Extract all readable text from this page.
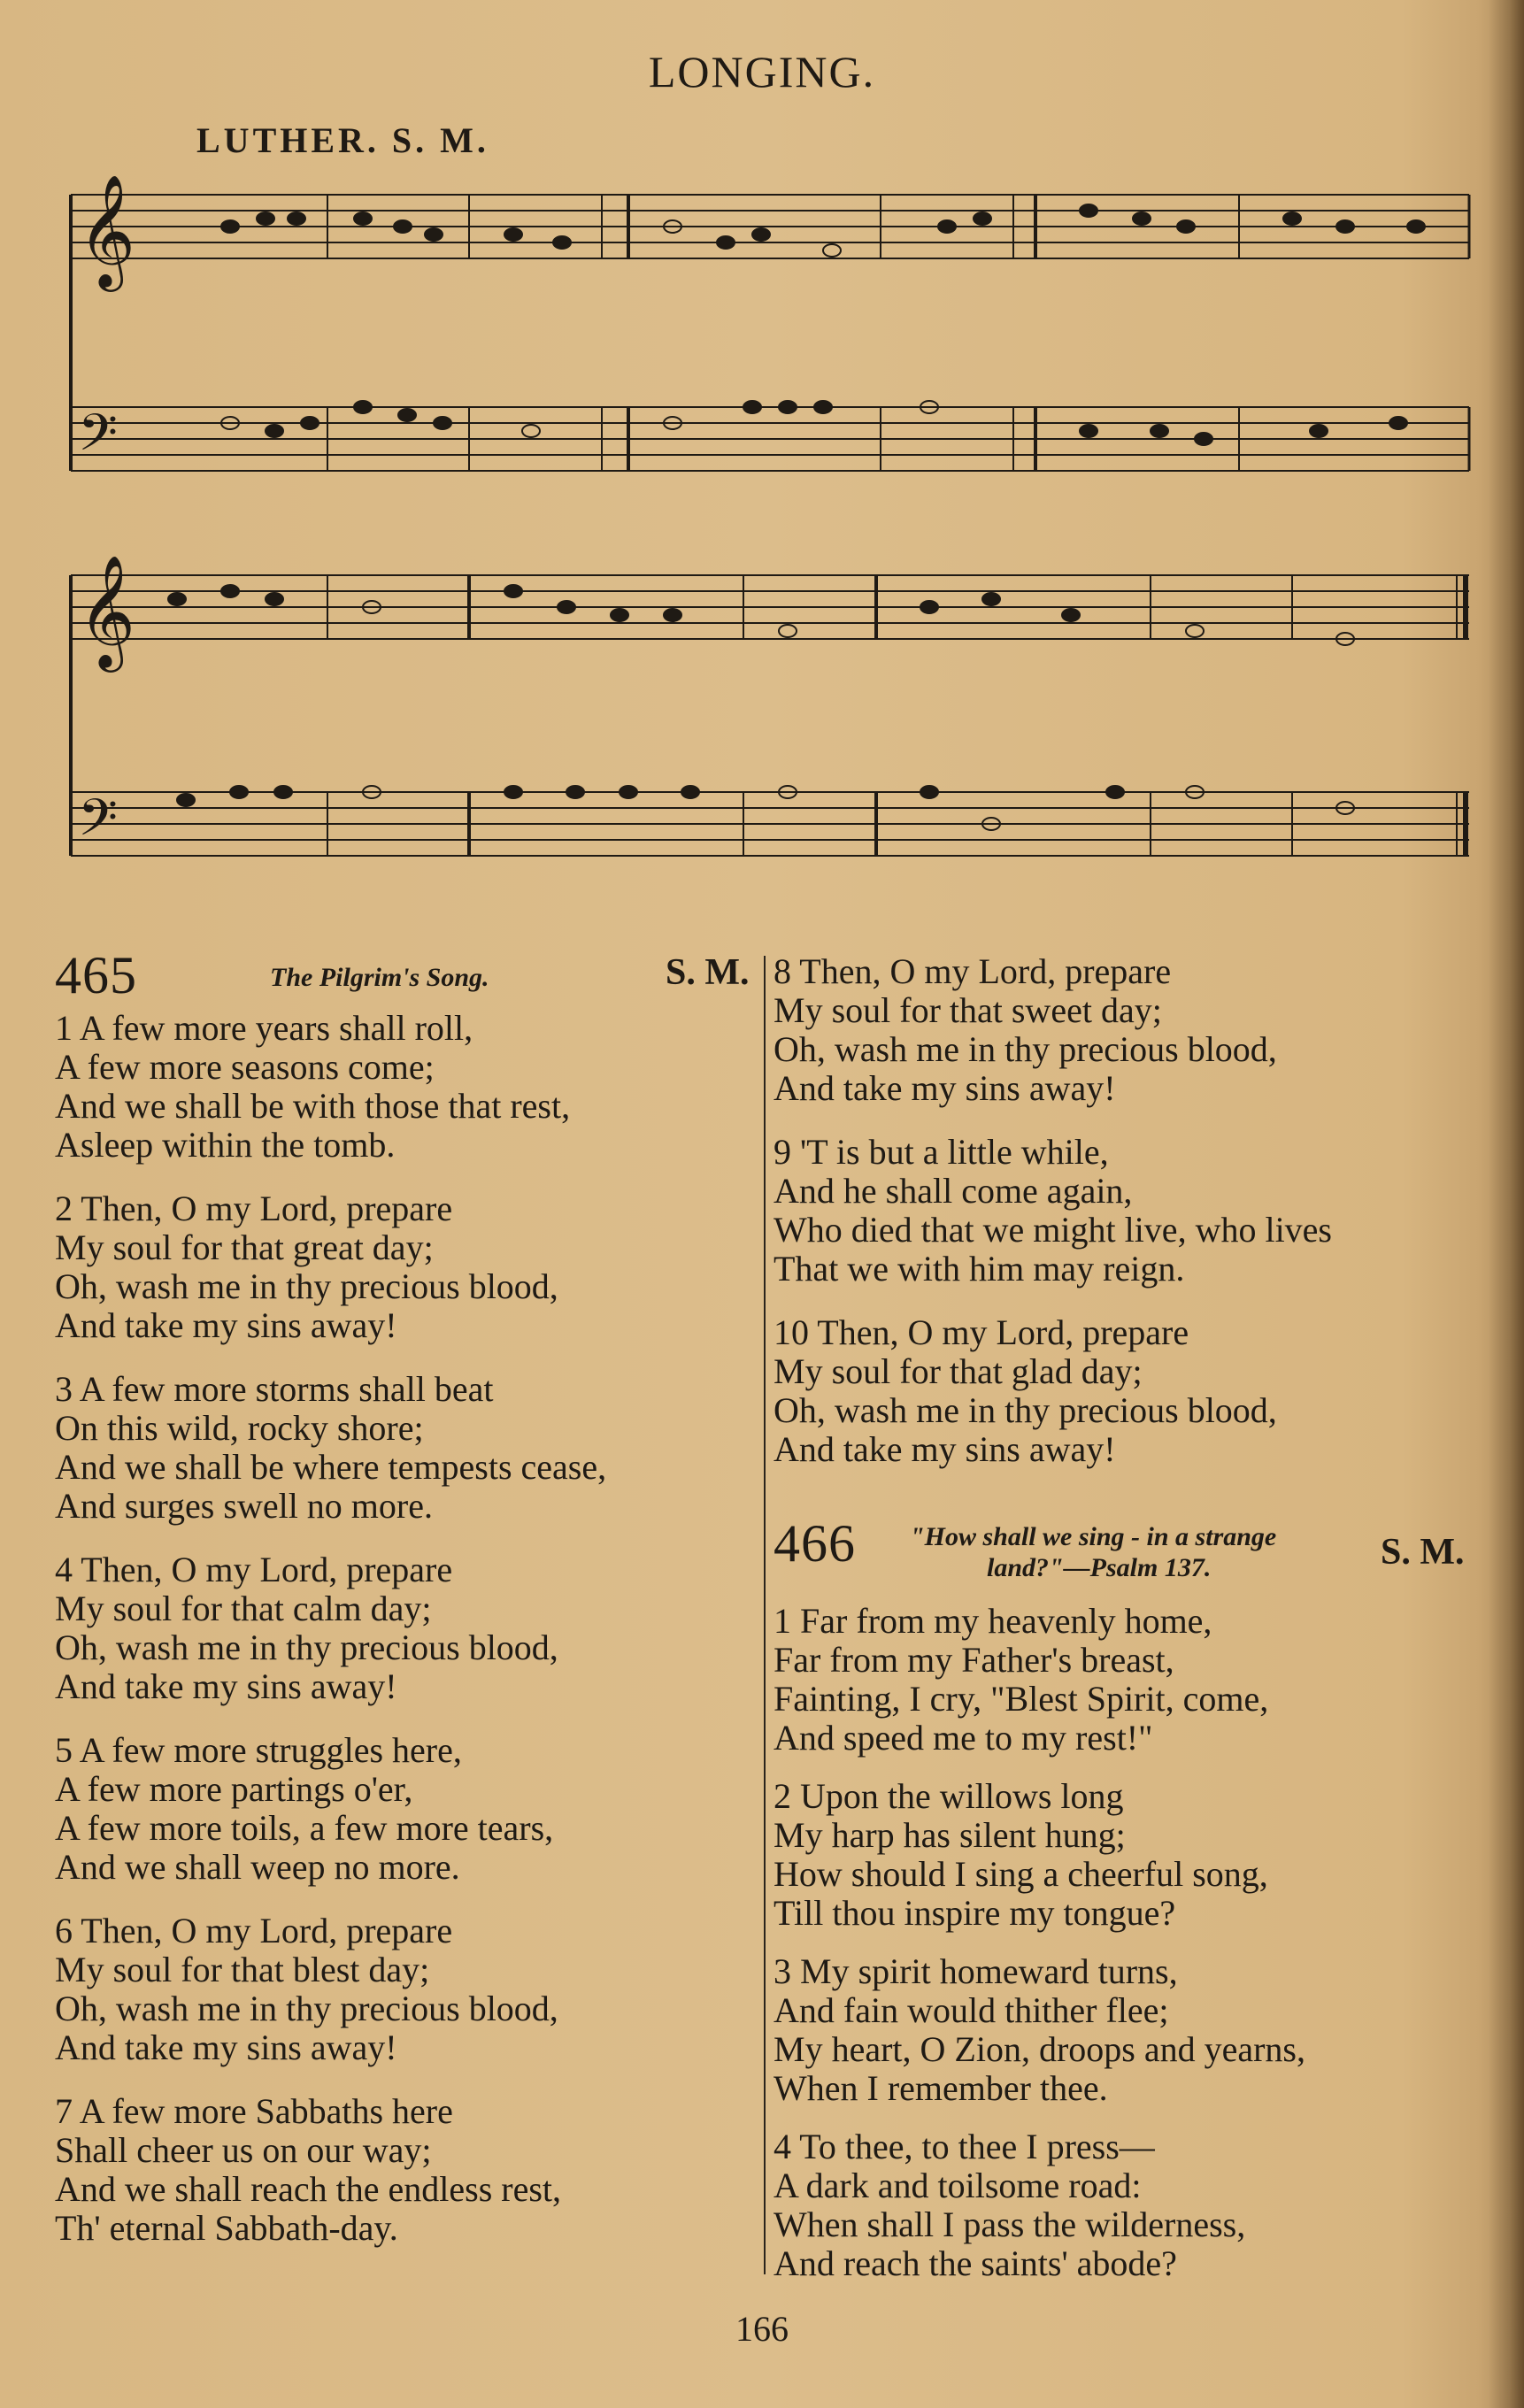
LONGING.
LUTHER. S. M.
𝄞
𝄢
𝄞
𝄢
465	The Pilgrim's Song.	S. M.
1 A few more years shall roll,
A few more seasons come;
And we shall be with those that rest,
Asleep within the tomb.
2 Then, O my Lord, prepare
My soul for that great day;
Oh, wash me in thy precious blood,
And take my sins away!
3 A few more storms shall beat
On this wild, rocky shore;
And we shall be where tempests cease,
And surges swell no more.
4 Then, O my Lord, prepare
My soul for that calm day;
Oh, wash me in thy precious blood,
And take my sins away!
5 A few more struggles here,
A few more partings o'er,
A few more toils, a few more tears,
And we shall weep no more.
6 Then, O my Lord, prepare
My soul for that blest day;
Oh, wash me in thy precious blood,
And take my sins away!
7 A few more Sabbaths here
Shall cheer us on our way;
And we shall reach the endless rest,
Th' eternal Sabbath-day.
8 Then, O my Lord, prepare
My soul for that sweet day;
Oh, wash me in thy precious blood,
And take my sins away!
9 'T is but a little while,
And he shall come again,
Who died that we might live, who lives
That we with him may reign.
10 Then, O my Lord, prepare
My soul for that glad day;
Oh, wash me in thy precious blood,
And take my sins away!
466 "How shall we sing - in a strange
land?"—Psalm 137.	S. M.
1 Far from my heavenly home,
Far from my Father's breast,
Fainting, I cry, "Blest Spirit, come,
And speed me to my rest!"
2 Upon the willows long
My harp has silent hung;
How should I sing a cheerful song,
Till thou inspire my tongue?
3 My spirit homeward turns,
And fain would thither flee;
My heart, O Zion, droops and yearns,
When I remember thee.
4 To thee, to thee I press—
A dark and toilsome road:
When shall I pass the wilderness,
And reach the saints' abode?
166
